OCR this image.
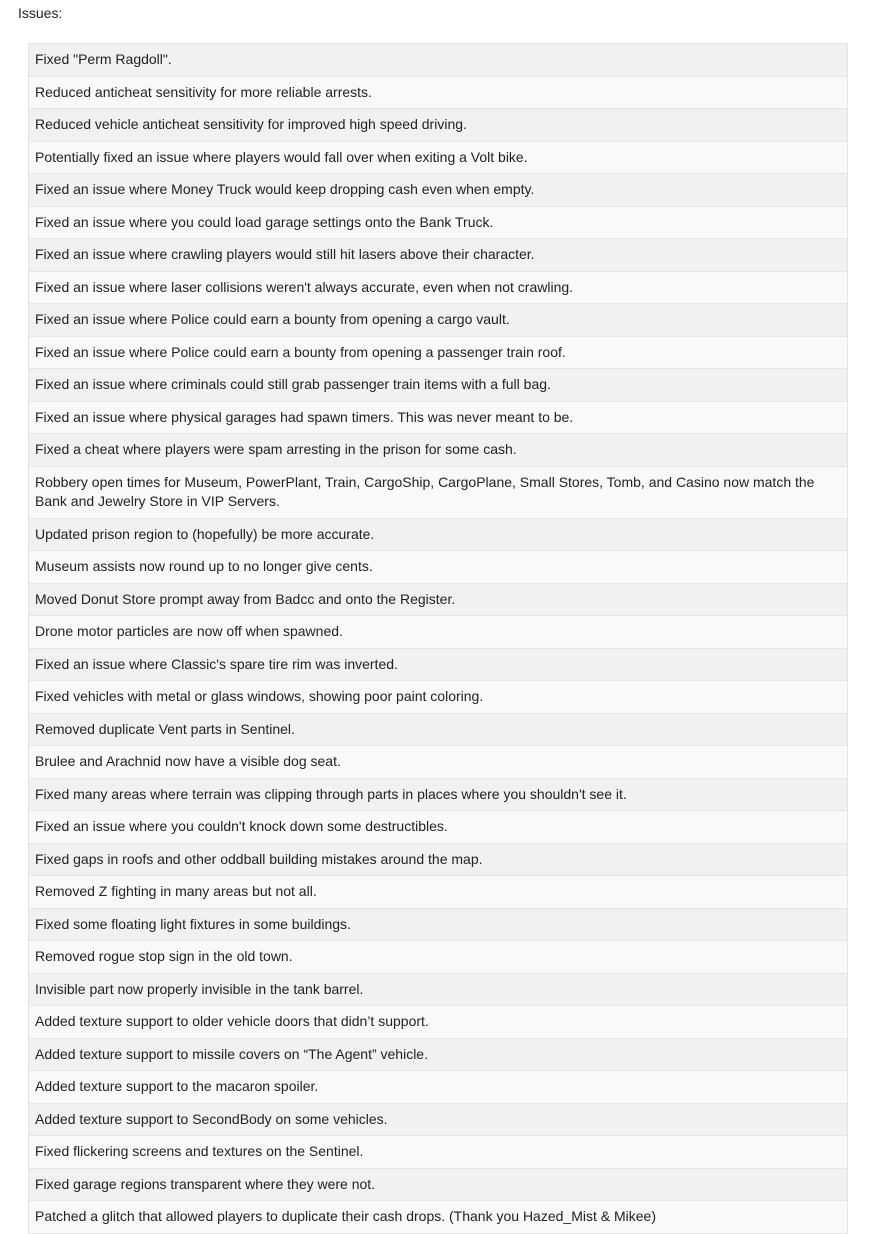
Issues:
Fixed "Perm Ragdoll".
Reduced anticheat sensitivity for more reliable arrests.
Reduced vehicle anticheat sensitivity for improved high speed driving.
Potentially fixed an issue where players would fall over when exiting a Volt bike.
Fixed an issue where Money Truck would keep dropping cash even when empty.
Fixed an issue where you could load garage settings onto the Bank Truck.
Fixed an issue where crawling players would still hit lasers above their character.
Fixed an issue where laser collisions weren't always accurate, even when not crawling.
Fixed an issue where Police could earn a bounty from opening a cargo vault.
Fixed an issue where Police could earn a bounty from opening a passenger train roof.
Fixed an issue where criminals could still grab passenger train items with a full bag.
Fixed an issue where physical garages had spawn timers. This was never meant to be.
Fixed a cheat where players were spam arresting in the prison for some cash.
Robbery open times for Museum, PowerPlant, Train, CargoShip, CargoPlane, Small Stores, Tomb, and Casino now match the Bank and Jewelry Store in VIP Servers.
Updated prison region to (hopefully) be more accurate.
Museum assists now round up to no longer give cents.
Moved Donut Store prompt away from Badcc and onto the Register.
Drone motor particles are now off when spawned.
Fixed an issue where Classic's spare tire rim was inverted.
Fixed vehicles with metal or glass windows, showing poor paint coloring.
Removed duplicate Vent parts in Sentinel.
Brulee and Arachnid now have a visible dog seat.
Fixed many areas where terrain was clipping through parts in places where you shouldn't see it.
Fixed an issue where you couldn't knock down some destructibles.
Fixed gaps in roofs and other oddball building mistakes around the map.
Removed Z fighting in many areas but not all.
Fixed some floating light fixtures in some buildings.
Removed rogue stop sign in the old town.
Invisible part now properly invisible in the tank barrel.
Added texture support to older vehicle doors that didn’t support.
Added texture support to missile covers on “The Agent” vehicle.
Added texture support to the macaron spoiler.
Added texture support to SecondBody on some vehicles.
Fixed flickering screens and textures on the Sentinel.
Fixed garage regions transparent where they were not.
Patched a glitch that allowed players to duplicate their cash drops. (Thank you Hazed_Mist & Mikee)
